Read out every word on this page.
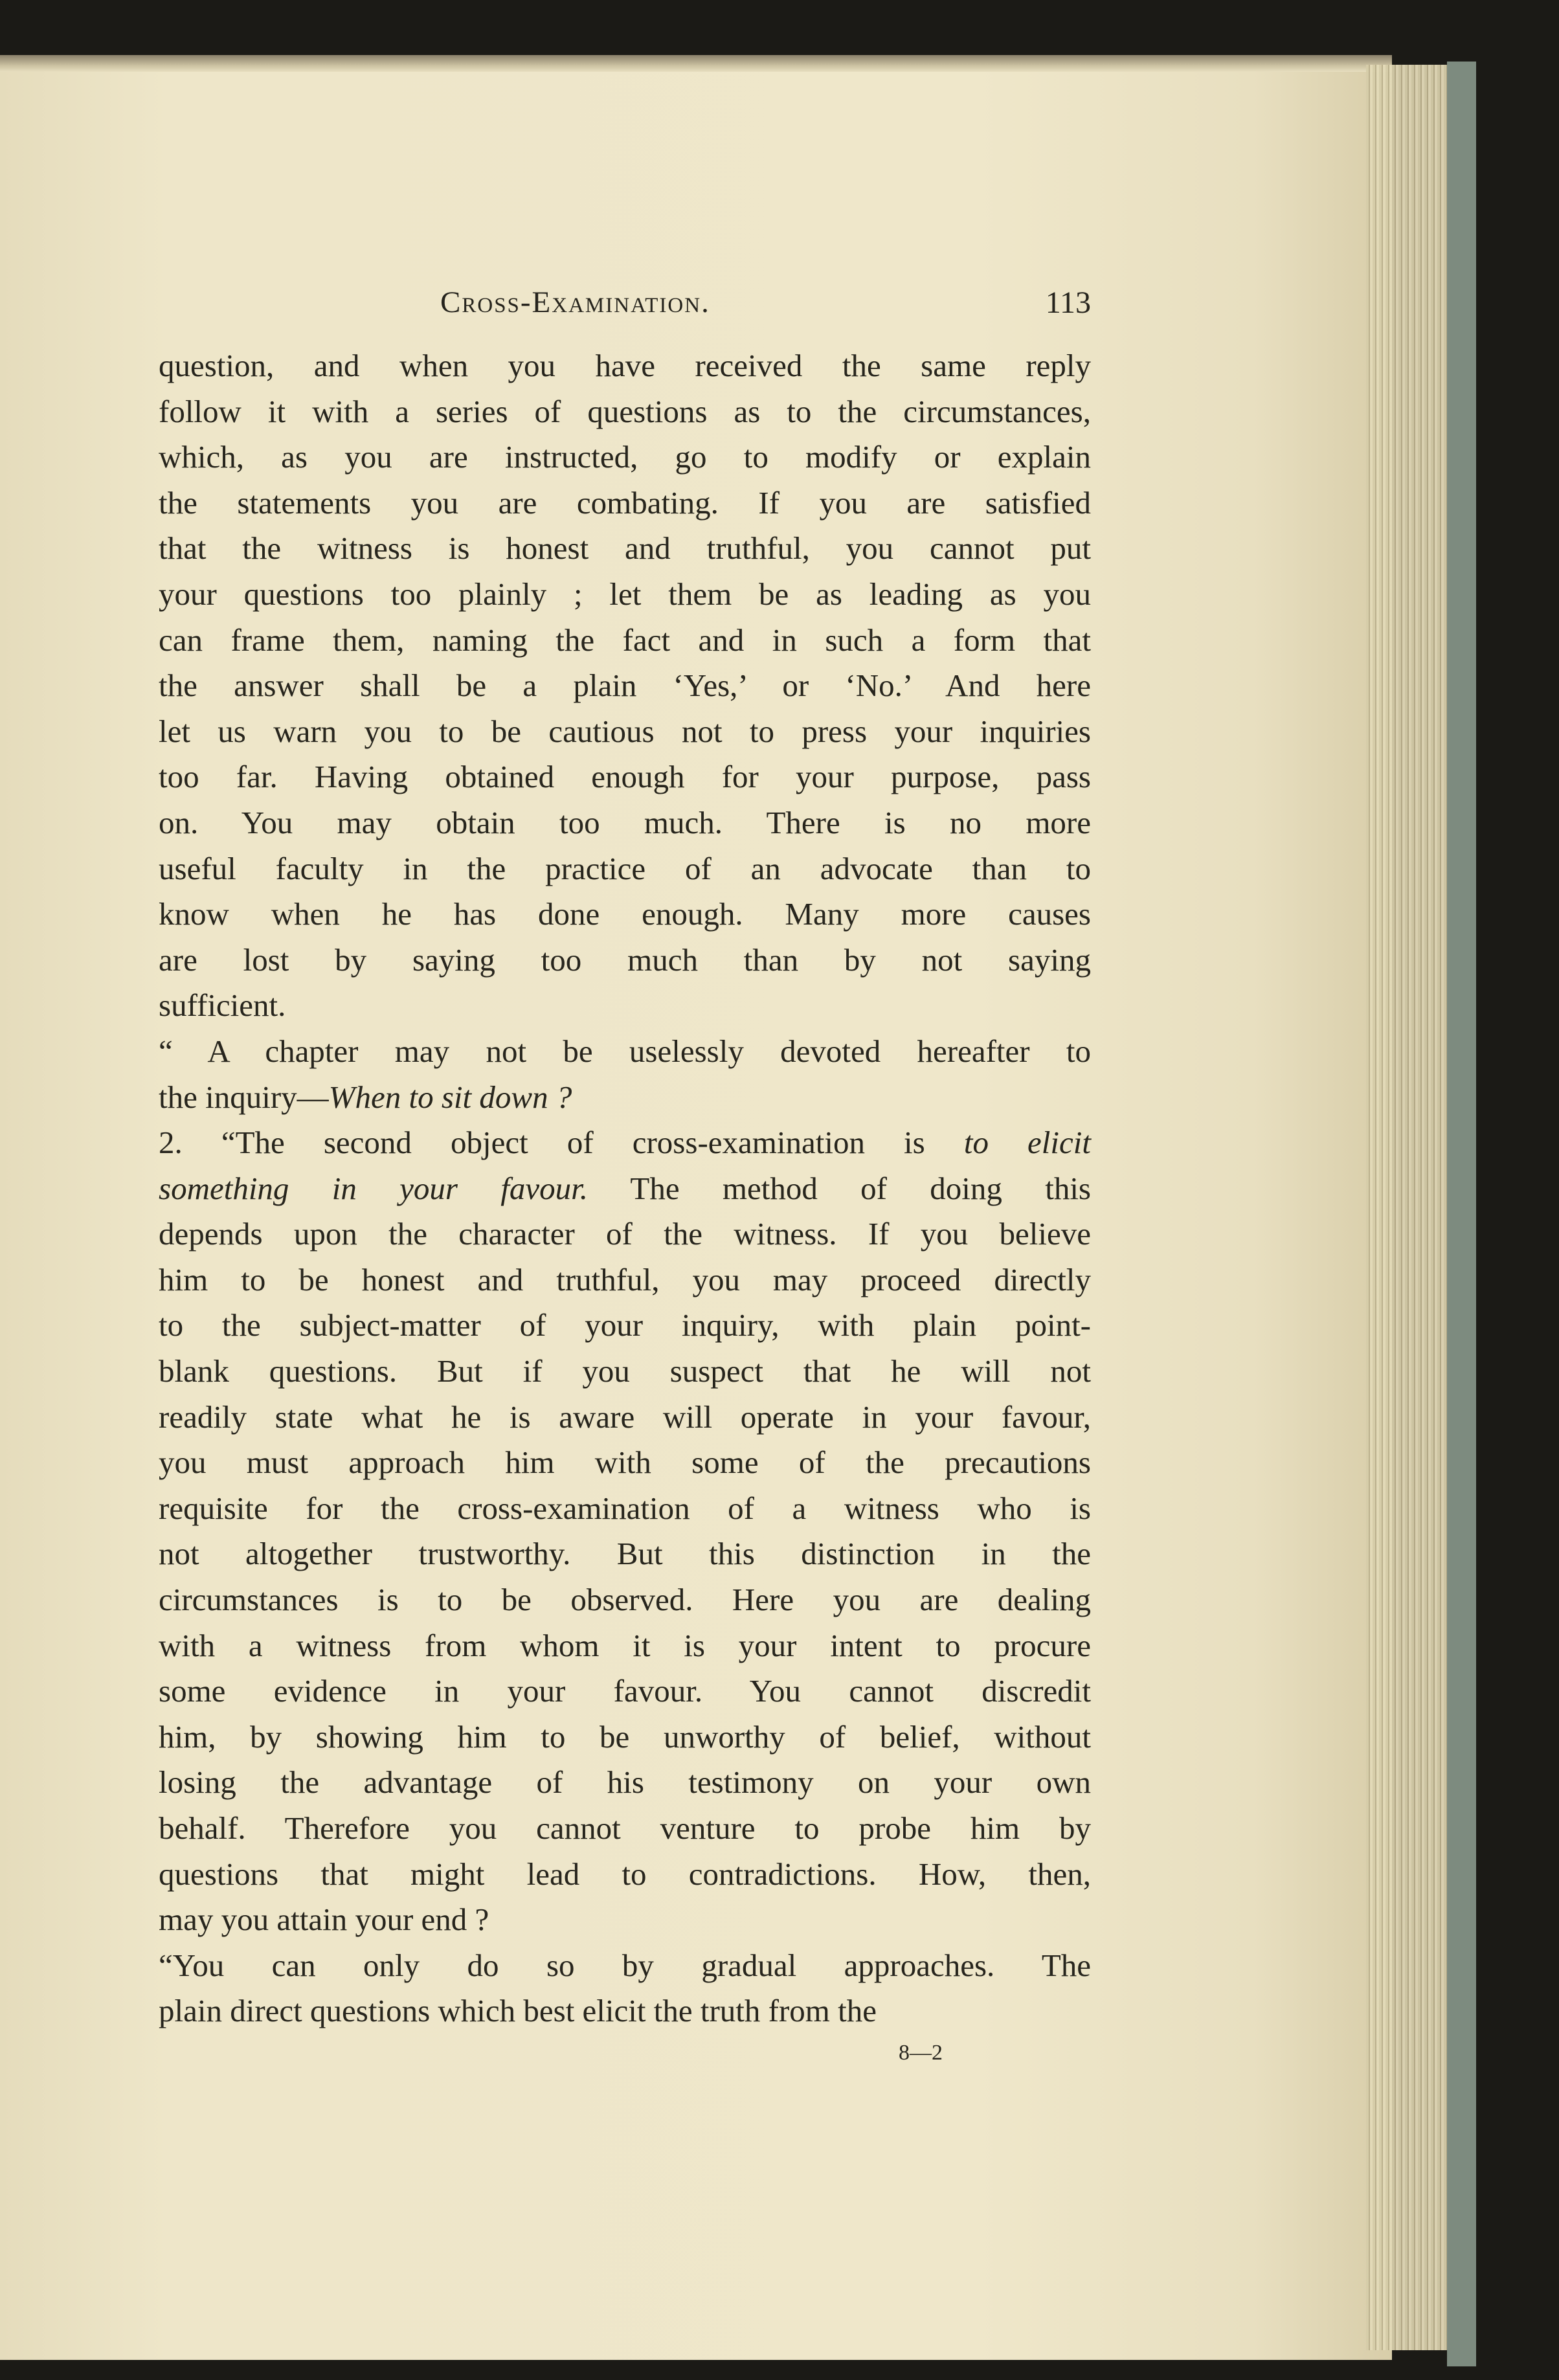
Cross-Examination.	113
question, and when you have received the same reply
follow it with a series of questions as to the circumstances,
which, as you are instructed, go to modify or explain
the statements you are combating. If you are satisfied
that the witness is honest and truthful, you cannot put
your questions too plainly ; let them be as leading as you
can frame them, naming the fact and in such a form that
the answer shall be a plain ‘Yes,’ or ‘No.’ And here
let us warn you to be cautious not to press your inquiries
too far. Having obtained enough for your purpose, pass
on. You may obtain too much. There is no more
useful faculty in the practice of an advocate than to
know when he has done enough. Many more causes
are lost by saying too much than by not saying
sufficient.
“ A chapter may not be uselessly devoted hereafter to
the inquiry—When to sit down ?
2. “The second object of cross-examination is to elicit
something in your favour. The method of doing this
depends upon the character of the witness. If you believe
him to be honest and truthful, you may proceed directly
to the subject-matter of your inquiry, with plain point-
blank questions. But if you suspect that he will not
readily state what he is aware will operate in your favour,
you must approach him with some of the precautions
requisite for the cross-examination of a witness who is
not altogether trustworthy. But this distinction in the
circumstances is to be observed. Here you are dealing
with a witness from whom it is your intent to procure
some evidence in your favour. You cannot discredit
him, by showing him to be unworthy of belief, without
losing the advantage of his testimony on your own
behalf. Therefore you cannot venture to probe him by
questions that might lead to contradictions. How, then,
may you attain your end ?
“You can only do so by gradual approaches. The
plain direct questions which best elicit the truth from the
8—2
